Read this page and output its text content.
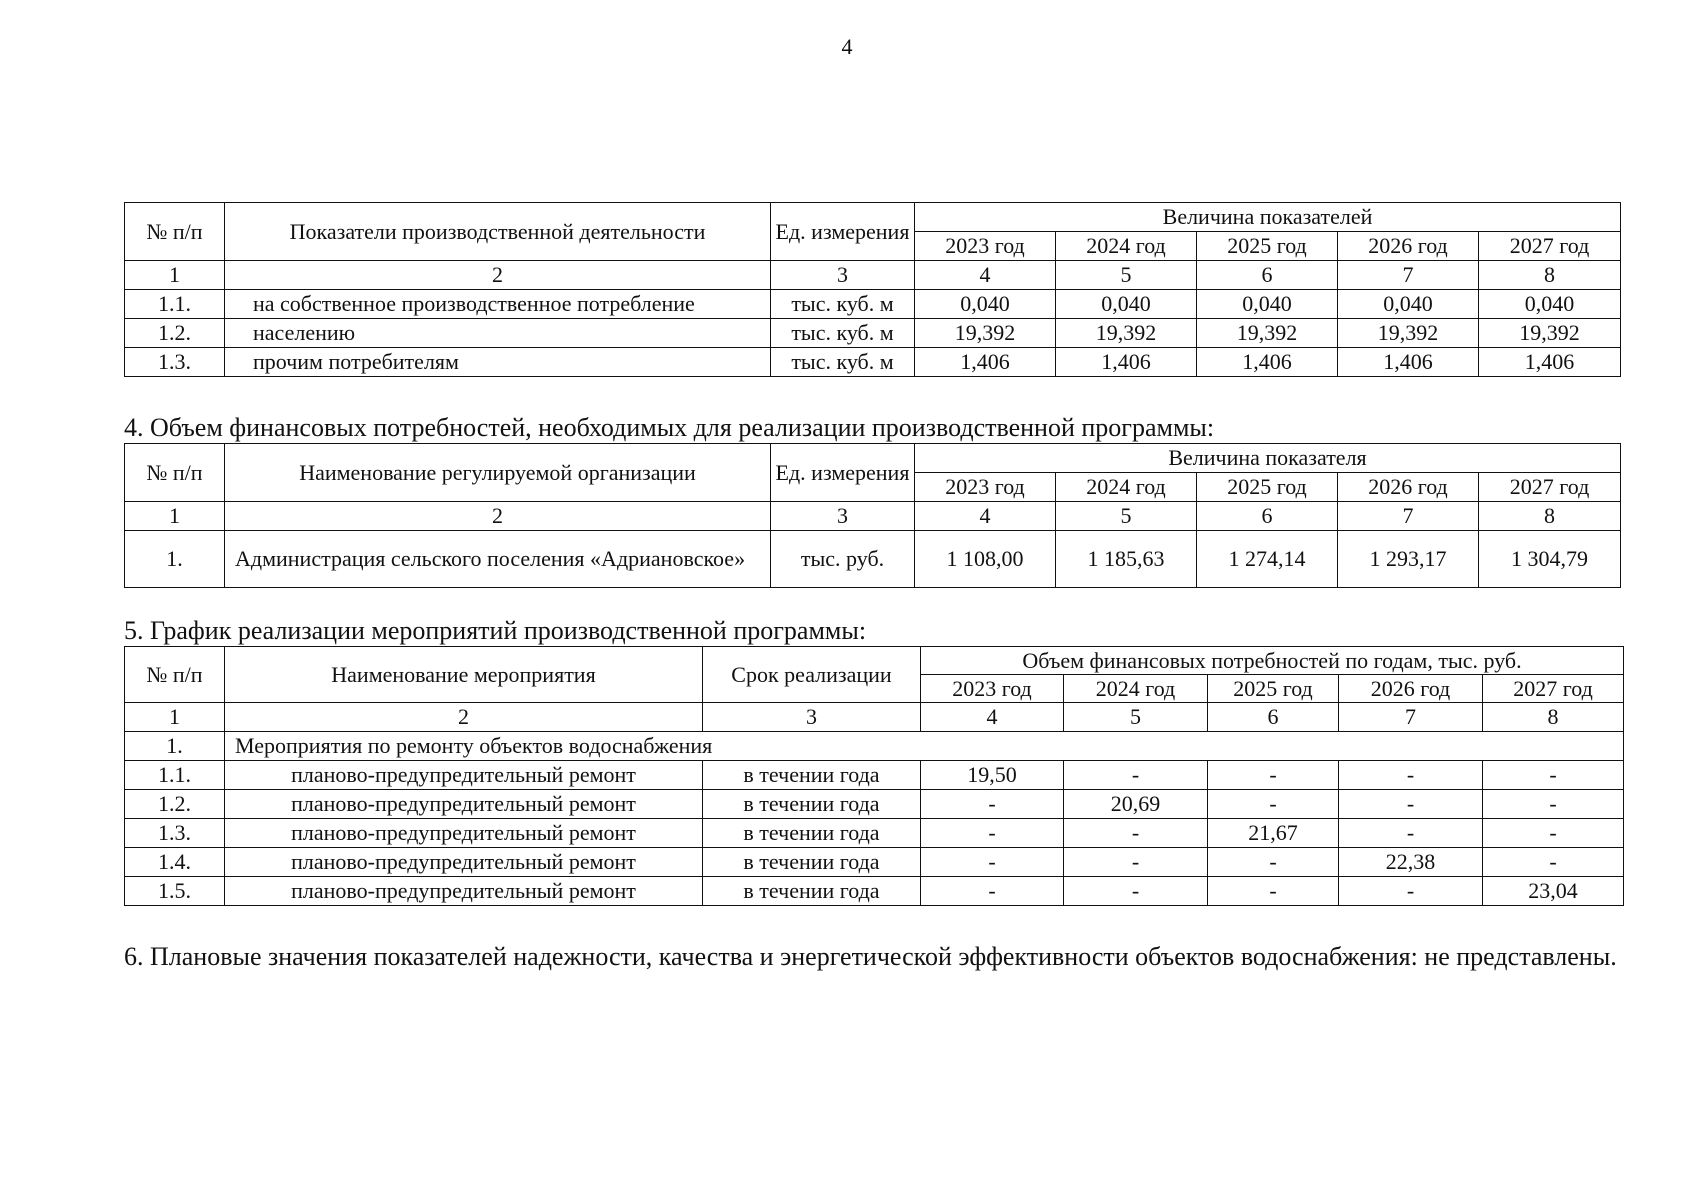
4
№ п/п	Показатели производственной деятельности	Ед. измерения	Величина показателей				
			2023 год	2024 год	2025 год	2026 год	2027 год
1	2	3	4	5	6	7	8
1.1.	на собственное производственное потребление	тыс. куб. м	0,040	0,040	0,040	0,040	0,040
1.2.	населению	тыс. куб. м	19,392	19,392	19,392	19,392	19,392
1.3.	прочим потребителям	тыс. куб. м	1,406	1,406	1,406	1,406	1,406
4. Объем финансовых потребностей, необходимых для реализации производственной программы:
№ п/п	Наименование регулируемой организации	Ед. измерения	Величина показателя				
			2023 год	2024 год	2025 год	2026 год	2027 год
1	2	3	4	5	6	7	8
1.	Администрация сельского поселения «Адриановское»	тыс. руб.	1 108,00	1 185,63	1 274,14	1 293,17	1 304,79
5. График реализации мероприятий производственной программы:
№ п/п	Наименование мероприятия	Срок реализации	Объем финансовых потребностей по годам, тыс. руб.				
			2023 год	2024 год	2025 год	2026 год	2027 год
1	2	3	4	5	6	7	8
1.	Мероприятия по ремонту объектов водоснабжения						
1.1.	планово-предупредительный ремонт	в течении года	19,50	-	-	-	-
1.2.	планово-предупредительный ремонт	в течении года	-	20,69	-	-	-
1.3.	планово-предупредительный ремонт	в течении года	-	-	21,67	-	-
1.4.	планово-предупредительный ремонт	в течении года	-	-	-	22,38	-
1.5.	планово-предупредительный ремонт	в течении года	-	-	-	-	23,04
6. Плановые значения показателей надежности, качества и энергетической эффективности объектов водоснабжения: не представлены.
